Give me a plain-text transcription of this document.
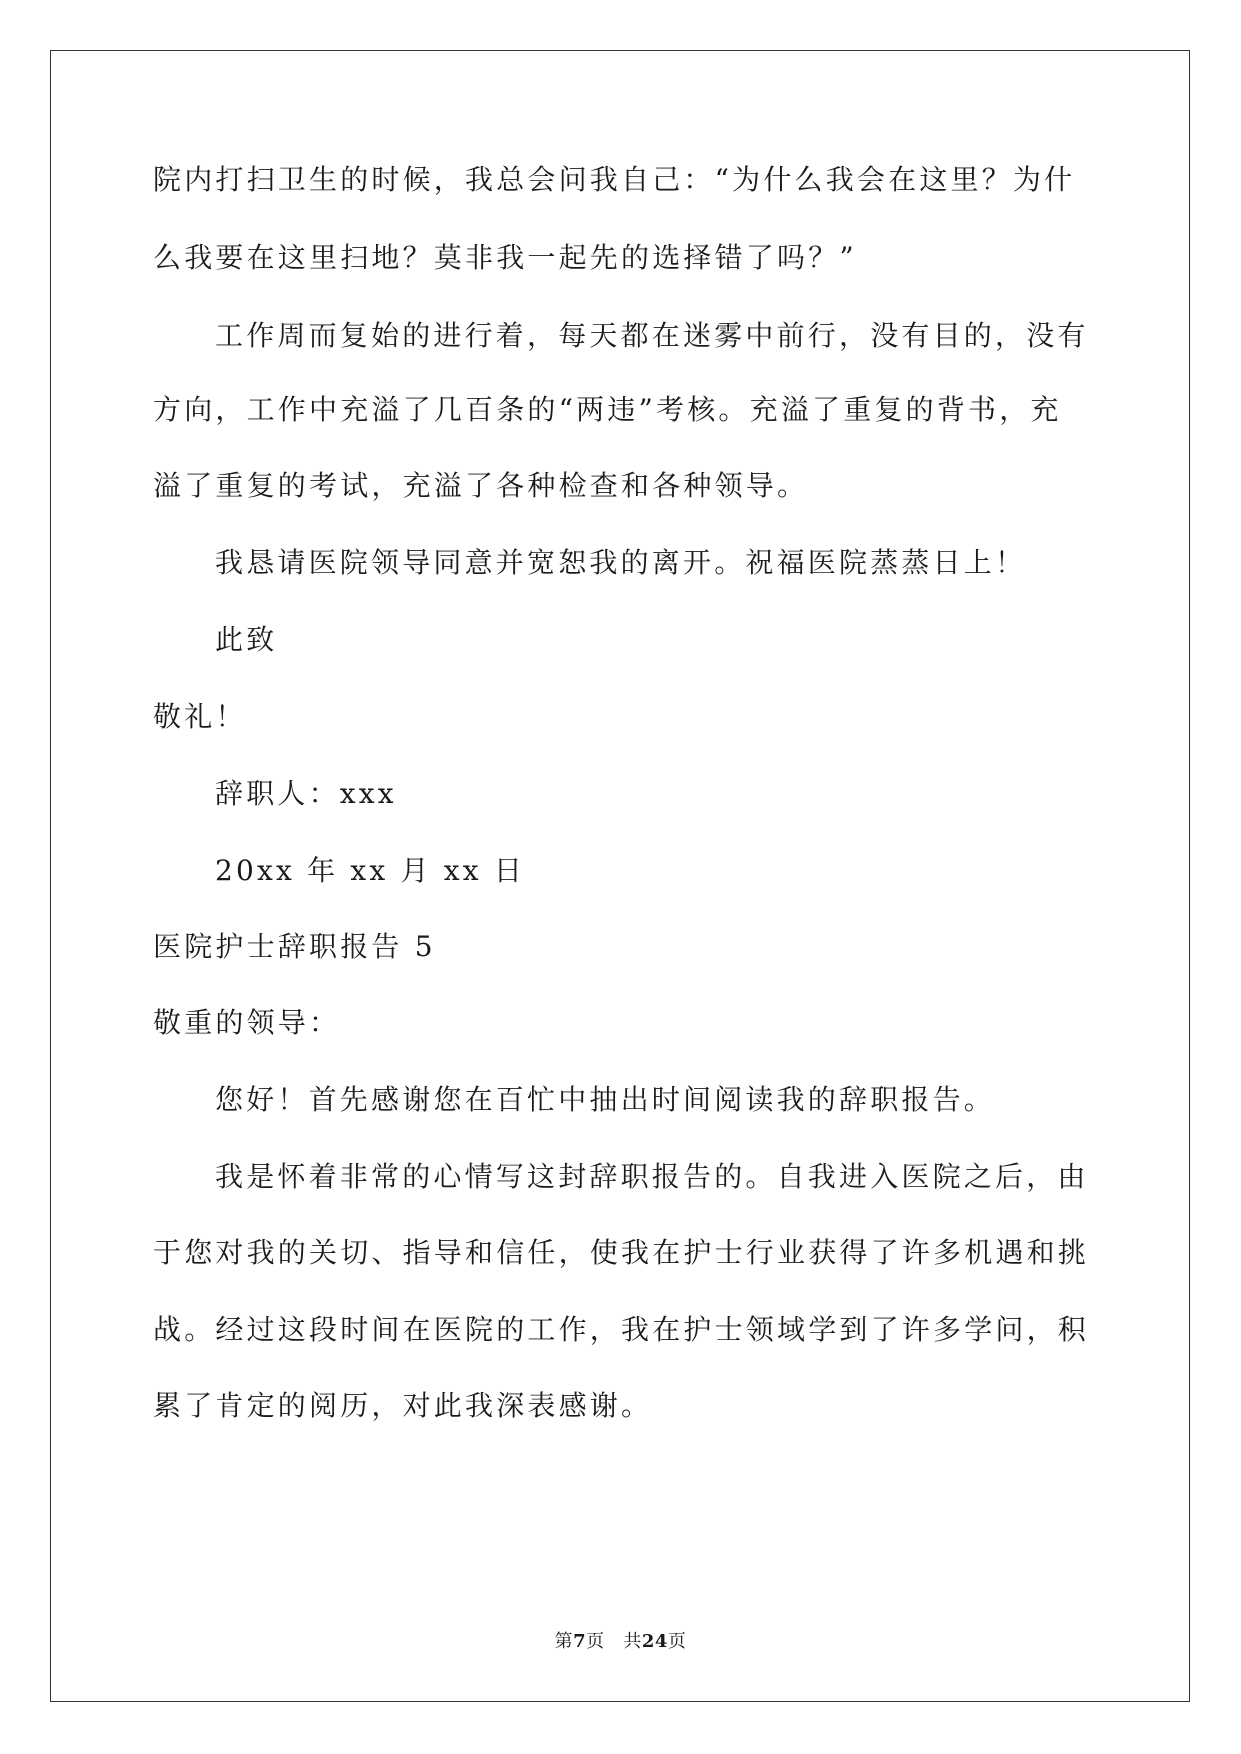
院内打扫卫生的时候，我总会问我自己：“为什么我会在这里？为什
么我要在这里扫地？莫非我一起先的选择错了吗？”
工作周而复始的进行着，每天都在迷雾中前行，没有目的，没有
方向，工作中充溢了几百条的“两违”考核。充溢了重复的背书，充
溢了重复的考试，充溢了各种检查和各种领导。
我恳请医院领导同意并宽恕我的离开。祝福医院蒸蒸日上！
此致
敬礼！
辞职人：xxx
20xx 年 xx 月 xx 日
医院护士辞职报告 5
敬重的领导：
您好！首先感谢您在百忙中抽出时间阅读我的辞职报告。
我是怀着非常的心情写这封辞职报告的。自我进入医院之后，由
于您对我的关切、指导和信任，使我在护士行业获得了许多机遇和挑
战。经过这段时间在医院的工作，我在护士领域学到了许多学问，积
累了肯定的阅历，对此我深表感谢。
第7页 共24页
